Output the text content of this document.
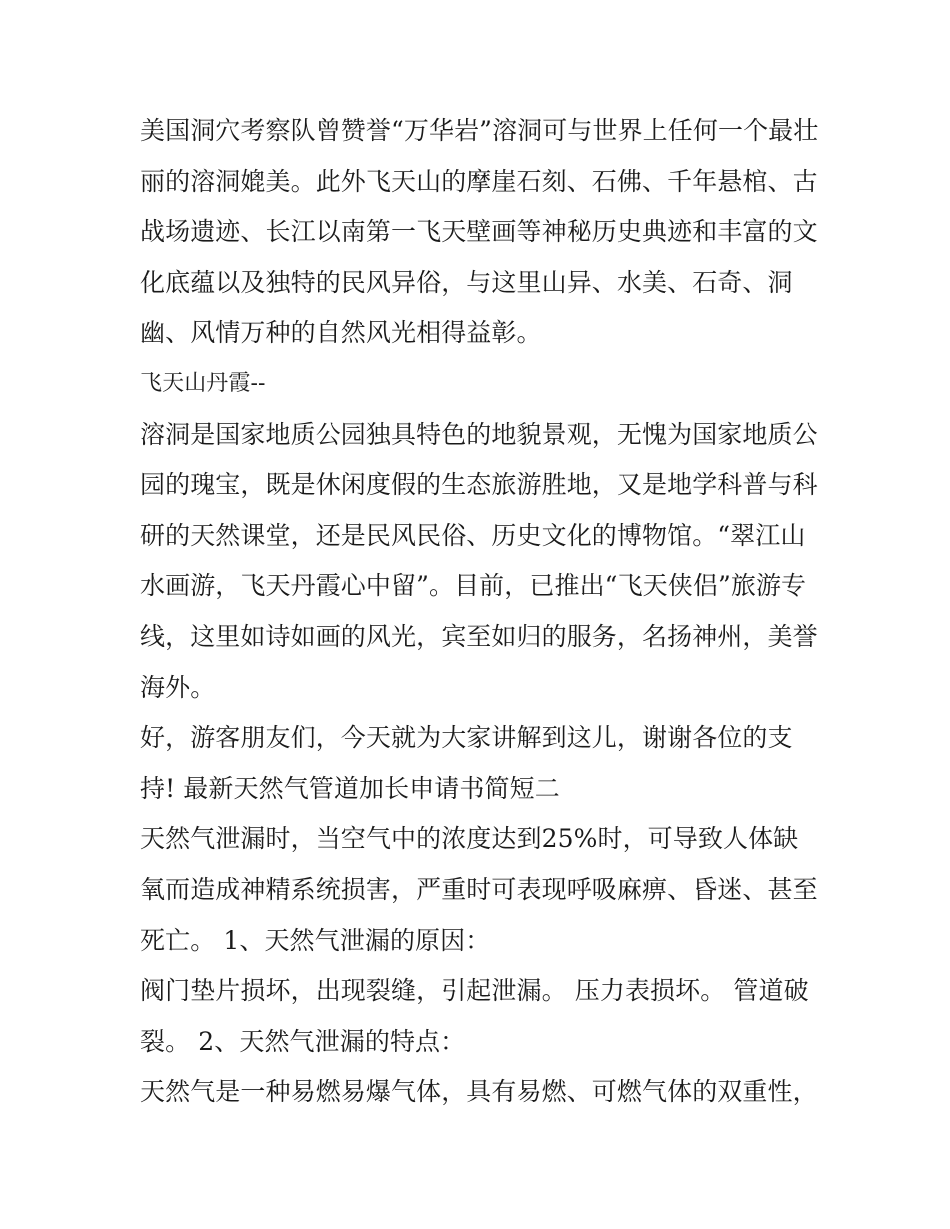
美国洞穴考察队曾赞誉“万华岩”溶洞可与世界上任何一个最壮
丽的溶洞媲美。此外飞天山的摩崖石刻、石佛、千年悬棺、古
战场遗迹、长江以南第一飞天壁画等神秘历史典迹和丰富的文
化底蕴以及独特的民风异俗，与这里山异、水美、石奇、洞
幽、风情万种的自然风光相得益彰。
飞天山丹霞--
溶洞是国家地质公园独具特色的地貌景观，无愧为国家地质公
园的瑰宝，既是休闲度假的生态旅游胜地，又是地学科普与科
研的天然课堂，还是民风民俗、历史文化的博物馆。“翠江山
水画游，飞天丹霞心中留”。目前，已推出“飞天侠侣”旅游专
线，这里如诗如画的风光，宾至如归的服务，名扬神州，美誉
海外。
好，游客朋友们，今天就为大家讲解到这儿，谢谢各位的支
持! 最新天然气管道加长申请书简短二
天然气泄漏时，当空气中的浓度达到25%时，可导致人体缺
氧而造成神精系统损害，严重时可表现呼吸麻痹、昏迷、甚至
死亡。 1、天然气泄漏的原因：
阀门垫片损坏，出现裂缝，引起泄漏。 压力表损坏。 管道破
裂。 2、天然气泄漏的特点：
天然气是一种易燃易爆气体，具有易燃、可燃气体的双重性，
